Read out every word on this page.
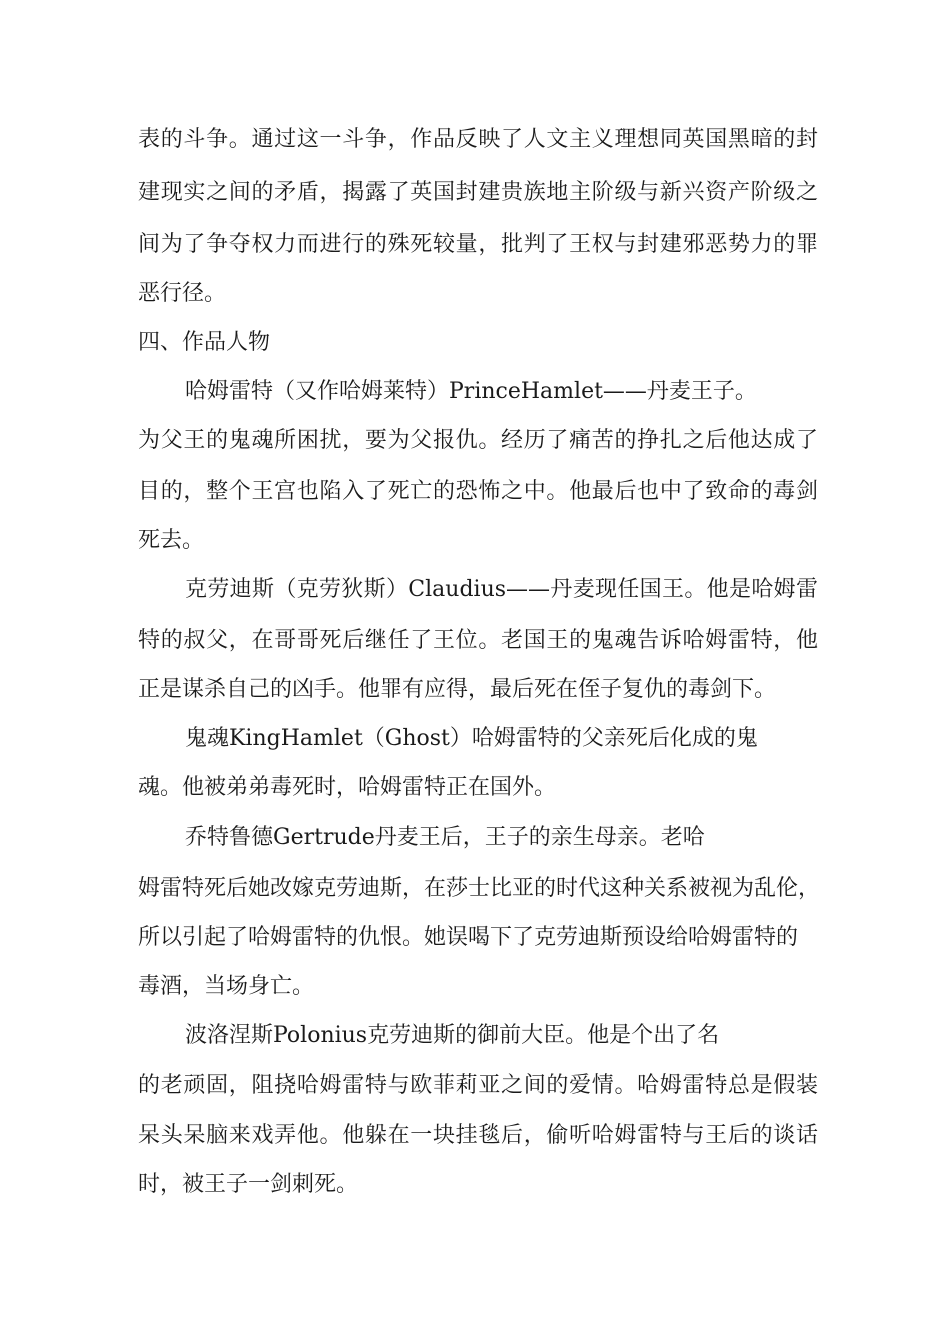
表的斗争。通过这一斗争，作品反映了人文主义理想同英国黑暗的封
建现实之间的矛盾，揭露了英国封建贵族地主阶级与新兴资产阶级之
间为了争夺权力而进行的殊死较量，批判了王权与封建邪恶势力的罪
恶行径。
四、作品人物
哈姆雷特（又作哈姆莱特）PrinceHamlet——丹麦王子。
为父王的鬼魂所困扰，要为父报仇。经历了痛苦的挣扎之后他达成了
目的，整个王宫也陷入了死亡的恐怖之中。他最后也中了致命的毒剑
死去。
克劳迪斯（克劳狄斯）Claudius——丹麦现任国王。他是哈姆雷
特的叔父，在哥哥死后继任了王位。老国王的鬼魂告诉哈姆雷特，他
正是谋杀自己的凶手。他罪有应得，最后死在侄子复仇的毒剑下。
鬼魂KingHamlet（Ghost）哈姆雷特的父亲死后化成的鬼
魂。他被弟弟毒死时，哈姆雷特正在国外。
乔特鲁德Gertrude丹麦王后，王子的亲生母亲。老哈
姆雷特死后她改嫁克劳迪斯，在莎士比亚的时代这种关系被视为乱伦，
所以引起了哈姆雷特的仇恨。她误喝下了克劳迪斯预设给哈姆雷特的
毒酒，当场身亡。
波洛涅斯Polonius克劳迪斯的御前大臣。他是个出了名
的老顽固，阻挠哈姆雷特与欧菲莉亚之间的爱情。哈姆雷特总是假装
呆头呆脑来戏弄他。他躲在一块挂毯后，偷听哈姆雷特与王后的谈话
时，被王子一剑刺死。
